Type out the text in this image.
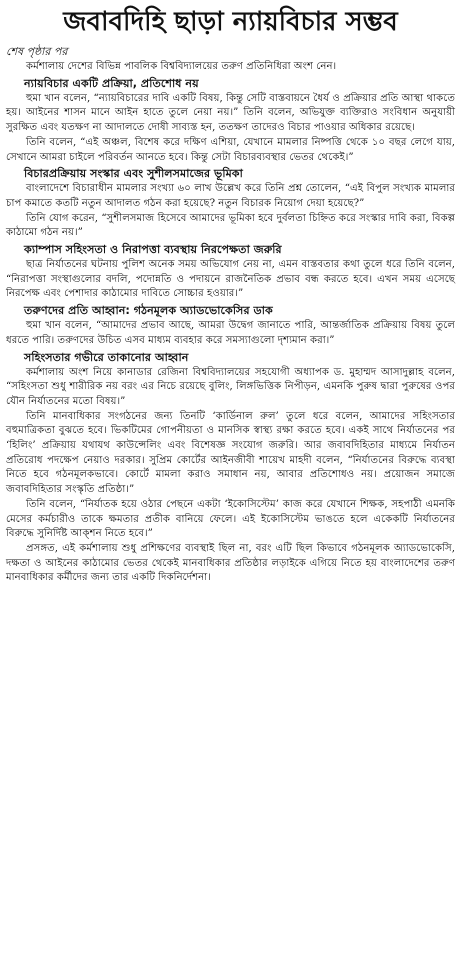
জবাবদিহি ছাড়া ন্যায়বিচার সম্ভব
শেষ পৃষ্ঠার পর

কর্মশালায় দেশের বিভিন্ন পাবলিক বিশ্ববিদ্যালয়ের তরুণ প্রতিনিধিরা অংশ নেন।

ন্যায়বিচার একটি প্রক্রিয়া, প্রতিশোধ নয়

হুমা খান বলেন, “ন্যায়বিচারের দাবি একটি বিষয়, কিন্তু সেটি বাস্তবায়নে ধৈর্য ও প্রক্রিয়ার প্রতি আস্থা থাকতে হয়। আইনের শাসন মানে আইন হাতে তুলে নেয়া নয়।” তিনি বলেন, অভিযুক্ত ব্যক্তিরাও সংবিধান অনুযায়ী সুরক্ষিত এবং যতক্ষণ না আদালতে দোষী সাব্যস্ত হন, ততক্ষণ তাদেরও বিচার পাওয়ার অধিকার রয়েছে।

তিনি বলেন, “এই অঞ্চল, বিশেষ করে দক্ষিণ এশিয়া, যেখানে মামলার নিষ্পত্তি থেকে ১০ বছর লেগে যায়, সেখানে আমরা চাইলে পরিবর্তন আনতে হবে। কিন্তু সেটা বিচারব্যবস্থার ভেতর থেকেই।”

বিচারপ্রক্রিয়ায় সংস্কার এবং সুশীলসমাজের ভূমিকা

বাংলাদেশে বিচারাধীন মামলার সংখ্যা ৬০ লাখ উল্লেখ করে তিনি প্রশ্ন তোলেন, “এই বিপুল সংখ্যক মামলার চাপ কমাতে কতটি নতুন আদালত গঠন করা হয়েছে? নতুন বিচারক নিয়োগ দেয়া হয়েছে?”

তিনি যোগ করেন, “সুশীলসমাজ হিসেবে আমাদের ভূমিকা হবে দুর্বলতা চিহ্নিত করে সংস্কার দাবি করা, বিকল্প কাঠামো গঠন নয়।”

ক্যাম্পাস সহিংসতা ও নিরাপত্তা ব্যবস্থায় নিরপেক্ষতা জরুরি

ছাত্র নির্যাতনের ঘটনায় পুলিশ অনেক সময় অভিযোগ নেয় না, এমন বাস্তবতার কথা তুলে ধরে তিনি বলেন, “নিরাপত্তা সংস্থাগুলোর বদলি, পদোন্নতি ও পদায়নে রাজনৈতিক প্রভাব বন্ধ করতে হবে। এখন সময় এসেছে নিরপেক্ষ এবং পেশাদার কাঠামোর দাবিতে সোচ্চার হওয়ার।”

তরুণদের প্রতি আহ্বান: গঠনমূলক অ্যাডভোকেসির ডাক

হুমা খান বলেন, “আমাদের প্রভাব আছে, আমরা উদ্বেগ জানাতে পারি, আন্তর্জাতিক প্রক্রিয়ায় বিষয় তুলে ধরতে পারি। তরুণদের উচিত এসব মাধ্যম ব্যবহার করে সমস্যাগুলো দৃশ্যমান করা।”

সহিংসতার গভীরে তাকানোর আহ্বান

কর্মশালায় অংশ নিয়ে কানাডার রেজিনা বিশ্ববিদ্যালয়ের সহযোগী অধ্যাপক ড. মুহাম্মদ আসাদুল্লাহ বলেন, “সহিংসতা শুধু শারীরিক নয় বরং এর নিচে রয়েছে বুলিং, লিঙ্গভিত্তিক নিপীড়ন, এমনকি পুরুষ দ্বারা পুরুষের ওপর যৌন নির্যাতনের মতো বিষয়।”

তিনি মানবাধিকার সংগঠনের জন্য তিনটি ‘কার্ডিনাল রুল’ তুলে ধরে বলেন, আমাদের সহিংসতার বহুমাত্রিকতা বুঝতে হবে। ভিকটিমের গোপনীয়তা ও মানসিক স্বাস্থ্য রক্ষা করতে হবে। একই সাথে নির্যাতনের পর ‘হিলিং’ প্রক্রিয়ায় যথাযথ কাউন্সেলিং এবং বিশেষজ্ঞ সংযোগ জরুরি। আর জবাবদিহিতার মাধ্যমে নির্যাতন প্রতিরোধ পদক্ষেপ নেয়াও দরকার। সুপ্রিম কোর্টের আইনজীবী শায়েখ মাহদী বলেন, “নির্যাতনের বিরুদ্ধে ব্যবস্থা নিতে হবে গঠনমূলকভাবে। কোর্টে মামলা করাও সমাধান নয়, আবার প্রতিশোধও নয়। প্রয়োজন সমাজে জবাবদিহিতার সংস্কৃতি প্রতিষ্ঠা।”

তিনি বলেন, “নির্যাতক হয়ে ওঠার পেছনে একটা ‘ইকোসিস্টেম’ কাজ করে যেখানে শিক্ষক, সহপাঠী এমনকি মেসের কর্মচারীও তাকে ক্ষমতার প্রতীক বানিয়ে ফেলে। এই ইকোসিস্টেম ভাঙতে হলে একেকটি নির্যাতনের বিরুদ্ধে সুনির্দিষ্ট আক্শন নিতে হবে।”

প্রসঙ্গত, এই কর্মশালায় শুধু প্রশিক্ষণের ব্যবস্থাই ছিল না, বরং এটি ছিল কিভাবে গঠনমূলক অ্যাডভোকেসি, দক্ষতা ও আইনের কাঠামোর ভেতর থেকেই মানবাধিকার প্রতিষ্ঠার লড়াইকে এগিয়ে নিতে হয় বাংলাদেশের তরুণ মানবাধিকার কর্মীদের জন্য তার একটি দিকনির্দেশনা।
